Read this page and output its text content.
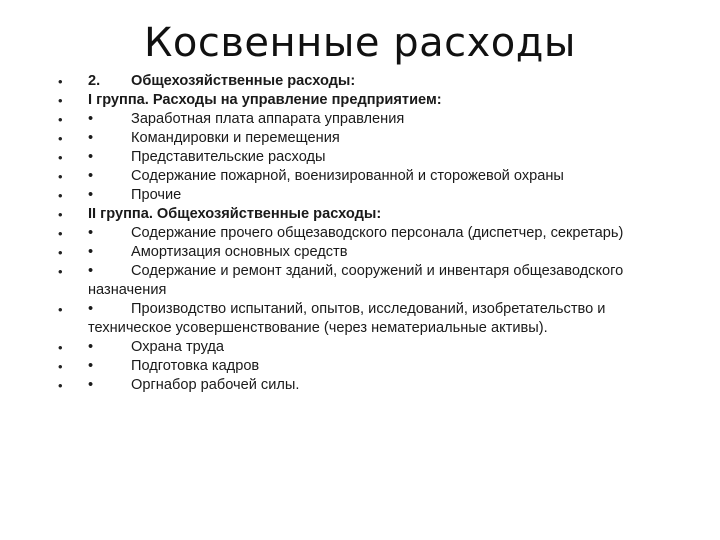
Косвенные расходы
• 2. Общехозяйственные расходы:
• I группа. Расходы на управление предприятием:
• •	Заработная плата аппарата управления
• •	Командировки и перемещения
• •	Представительские расходы
• •	Содержание пожарной, военизированной и сторожевой охраны
• •	Прочие
• II группа. Общехозяйственные расходы:
• •	Содержание прочего общезаводского персонала (диспетчер, секретарь)
• •	Амортизация основных средств
• •	Содержание и ремонт зданий, сооружений и инвентаря общезаводского назначения
• •	Производство испытаний, опытов, исследований, изобретательство и техническое усовершенствование (через нематериальные активы).
• •	Охрана труда
• •	Подготовка кадров
• •	Оргнабор рабочей силы.
